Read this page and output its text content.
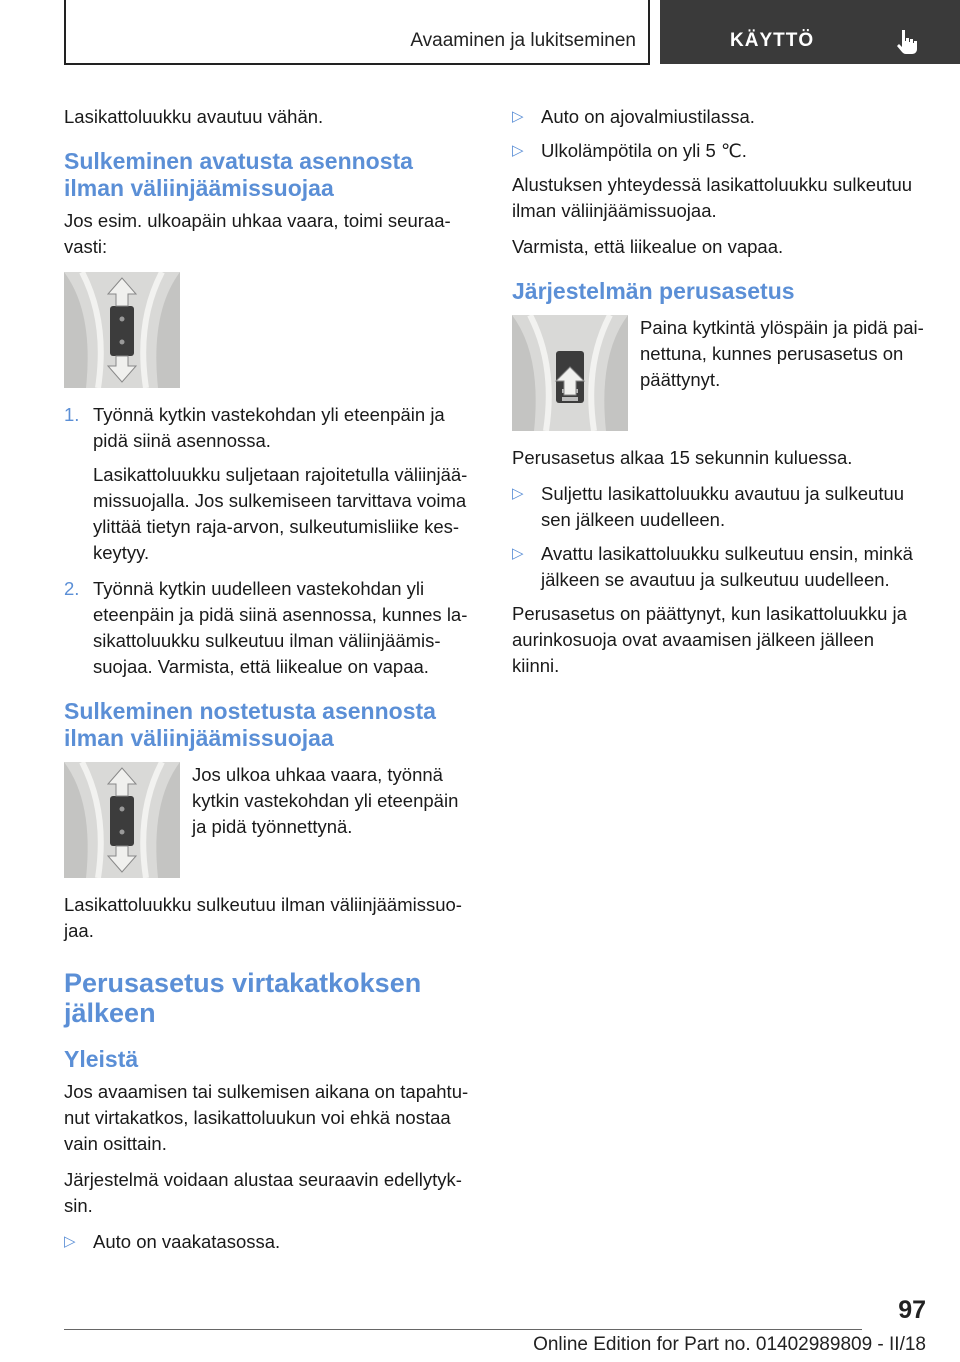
Avaaminen ja lukitseminen	KÄYTTÖ

Lasikattoluukku avautuu vähän.

Sulkeminen avatusta asennosta ilman väliinjäämissuojaa

Jos esim. ulkoapäin uhkaa vaara, toimi seuraa-vasti:

1. Työnnä kytkin vastekohdan yli eteenpäin ja pidä siinä asennossa.

Lasikattoluukku suljetaan rajoitetulla väliinjää-missuojalla. Jos sulkemiseen tarvittava voima ylittää tietyn raja-arvon, sulkeutumisliike kes-keytyy.

2. Työnnä kytkin uudelleen vastekohdan yli eteenpäin ja pidä siinä asennossa, kunnes la-sikattoluukku sulkeutuu ilman väliinjäämis-suojaa. Varmista, että liikealue on vapaa.

Sulkeminen nostetusta asennosta ilman väliinjäämissuojaa
Jos ulkoa uhkaa vaara, työnnä kytkin vastekohdan yli eteenpäin ja pidä työnnettynä.

Lasikattoluukku sulkeutuu ilman väliinjäämissuo-jaa.

Perusasetus virtakatkoksen jälkeen
Yleistä

Jos avaamisen tai sulkemisen aikana on tapahtu-nut virtakatkos, lasikattoluukun voi ehkä nostaa vain osittain.

Järjestelmä voidaan alustaa seuraavin edellytyk-sin.

▷ Auto on vaakatasossa.
▷ Auto on ajovalmiustilassa.
▷ Ulkolämpötila on yli 5 ℃.

Alustuksen yhteydessä lasikattoluukku sulkeutuu ilman väliinjäämissuojaa.

Varmista, että liikealue on vapaa.

Järjestelmän perusasetus
Paina kytkintä ylöspäin ja pidä pai-nettuna, kunnes perusasetus on päättynyt.

Perusasetus alkaa 15 sekunnin kuluessa.

▷ Suljettu lasikattoluukku avautuu ja sulkeutuu sen jälkeen uudelleen.
▷ Avattu lasikattoluukku sulkeutuu ensin, minkä jälkeen se avautuu ja sulkeutuu uudelleen.

Perusasetus on päättynyt, kun lasikattoluukku ja aurinkosuoja ovat avaamisen jälkeen jälleen kiinni.

97
Online Edition for Part no. 01402989809 - II/18
